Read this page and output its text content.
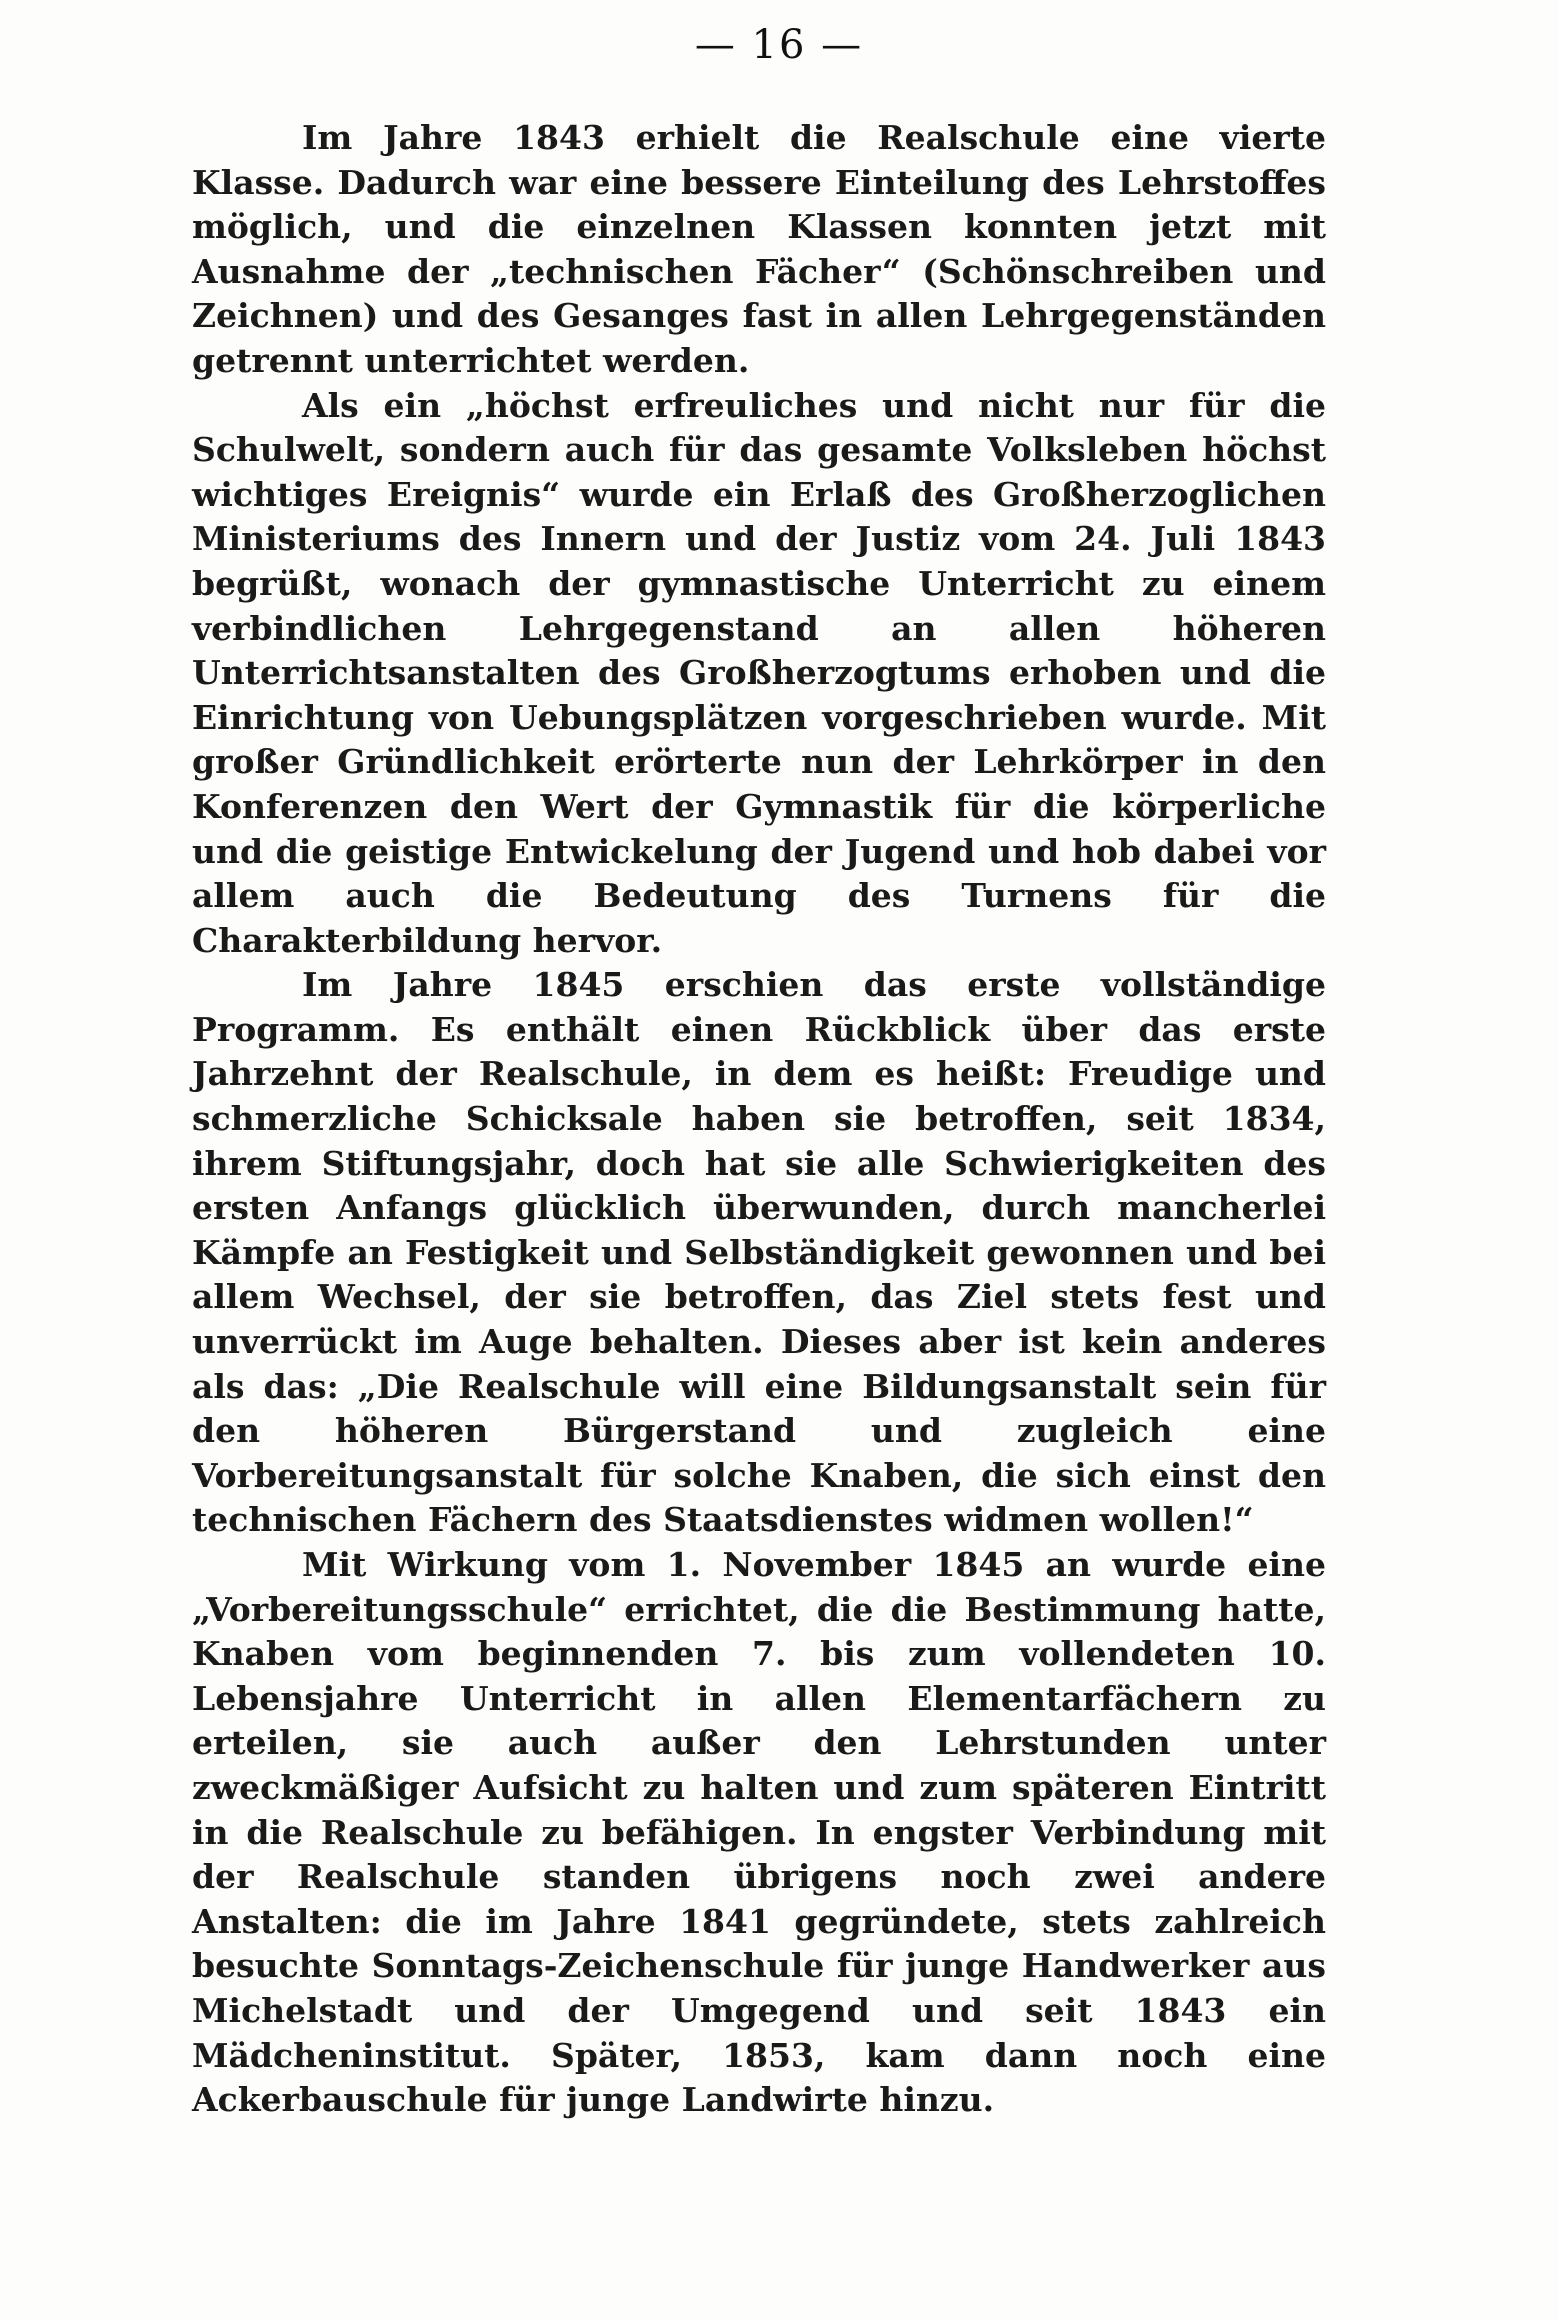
— 16 —

Im Jahre 1843 erhielt die Realschule eine vierte Klasse. Dadurch war eine bessere Einteilung des Lehrstoffes möglich, und die einzelnen Klassen konnten jetzt mit Ausnahme der „technischen Fächer“ (Schönschreiben und Zeichnen) und des Gesanges fast in allen Lehrgegenständen getrennt unterrichtet werden.

Als ein „höchst erfreuliches und nicht nur für die Schulwelt, sondern auch für das gesamte Volksleben höchst wichtiges Ereignis“ wurde ein Erlaß des Großherzoglichen Ministeriums des Innern und der Justiz vom 24. Juli 1843 begrüßt, wonach der gymnastische Unterricht zu einem verbindlichen Lehrgegenstand an allen höheren Unterrichtsanstalten des Großherzogtums erhoben und die Einrichtung von Uebungsplätzen vorgeschrieben wurde. Mit großer Gründlichkeit erörterte nun der Lehrkörper in den Konferenzen den Wert der Gymnastik für die körperliche und die geistige Entwickelung der Jugend und hob dabei vor allem auch die Bedeutung des Turnens für die Charakterbildung hervor.

Im Jahre 1845 erschien das erste vollständige Programm. Es enthält einen Rückblick über das erste Jahrzehnt der Realschule, in dem es heißt: Freudige und schmerzliche Schicksale haben sie betroffen, seit 1834, ihrem Stiftungsjahr, doch hat sie alle Schwierigkeiten des ersten Anfangs glücklich überwunden, durch mancherlei Kämpfe an Festigkeit und Selbständigkeit gewonnen und bei allem Wechsel, der sie betroffen, das Ziel stets fest und unverrückt im Auge behalten. Dieses aber ist kein anderes als das: „Die Realschule will eine Bildungsanstalt sein für den höheren Bürgerstand und zugleich eine Vorbereitungsanstalt für solche Knaben, die sich einst den technischen Fächern des Staatsdienstes widmen wollen!“

Mit Wirkung vom 1. November 1845 an wurde eine „Vorbereitungsschule“ errichtet, die die Bestimmung hatte, Knaben vom beginnenden 7. bis zum vollendeten 10. Lebensjahre Unterricht in allen Elementarfächern zu erteilen, sie auch außer den Lehrstunden unter zweckmäßiger Aufsicht zu halten und zum späteren Eintritt in die Realschule zu befähigen. In engster Verbindung mit der Realschule standen übrigens noch zwei andere Anstalten: die im Jahre 1841 gegründete, stets zahlreich besuchte Sonntags-Zeichenschule für junge Handwerker aus Michelstadt und der Umgegend und seit 1843 ein Mädcheninstitut. Später, 1853, kam dann noch eine Ackerbauschule für junge Landwirte hinzu.
